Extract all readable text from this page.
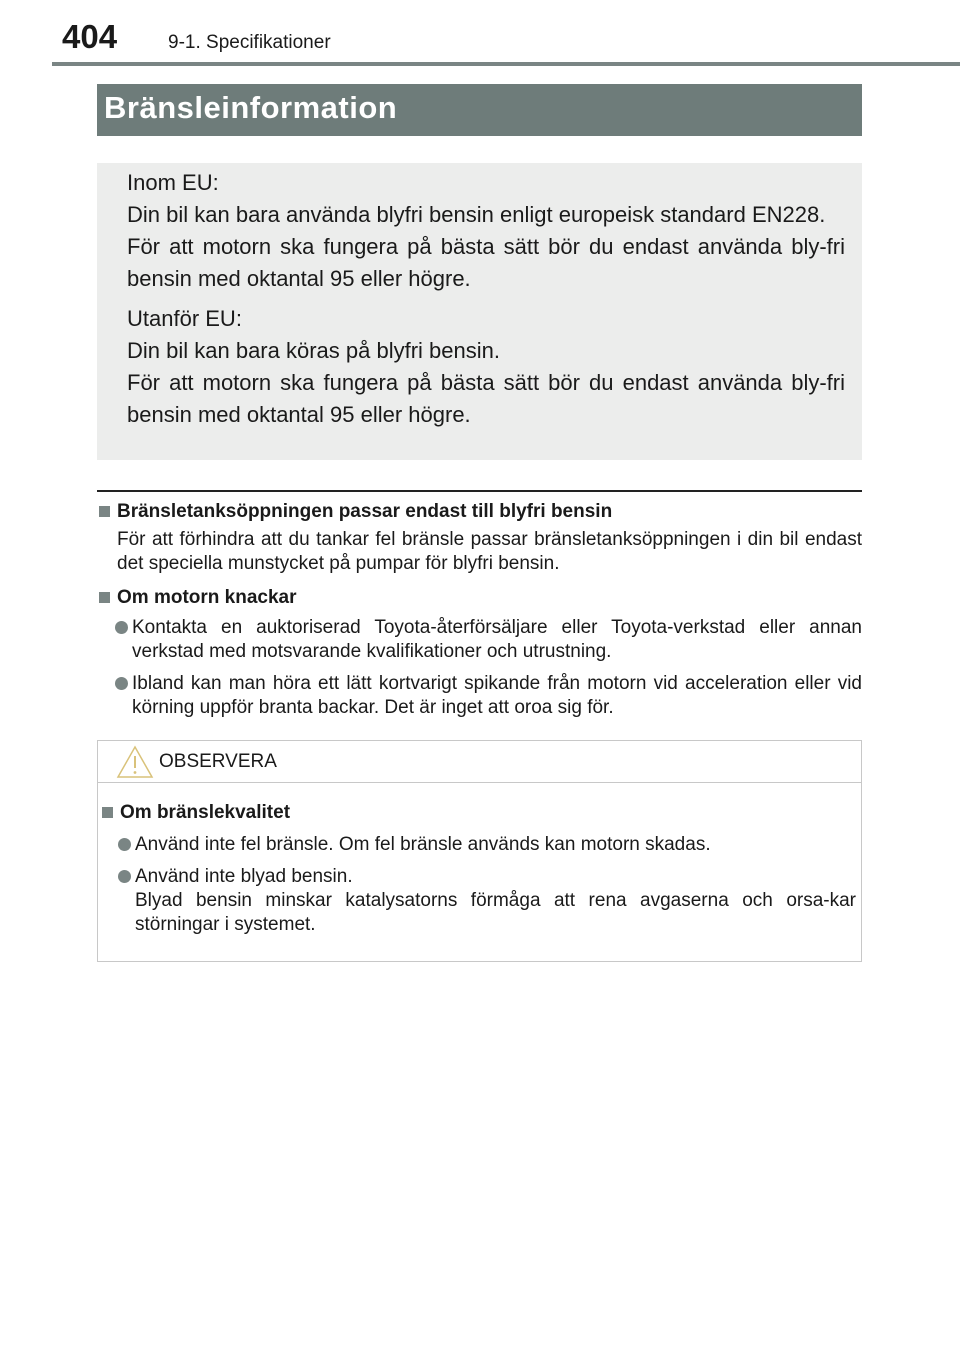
404	9-1. Specifikationer
Bränsleinformation

Inom EU:

Din bil kan bara använda blyfri bensin enligt europeisk standard EN228.

För att motorn ska fungera på bästa sätt bör du endast använda bly-fri bensin med oktantal 95 eller högre.

Utanför EU:

Din bil kan bara köras på blyfri bensin.

För att motorn ska fungera på bästa sätt bör du endast använda bly-fri bensin med oktantal 95 eller högre.

Bränsletanksöppningen passar endast till blyfri bensin
För att förhindra att du tankar fel bränsle passar bränsletanksöppningen i din bil endast det speciella munstycket på pumpar för blyfri bensin.
Om motorn knackar
Kontakta en auktoriserad Toyota-återförsäljare eller Toyota-verkstad eller annan verkstad med motsvarande kvalifikationer och utrustning.
Ibland kan man höra ett lätt kortvarigt spikande från motorn vid acceleration eller vid körning uppför branta backar. Det är inget att oroa sig för.
OBSERVERA
Om bränslekvalitet
Använd inte fel bränsle. Om fel bränsle används kan motorn skadas.
Använd inte blyad bensin.
Blyad bensin minskar katalysatorns förmåga att rena avgaserna och orsa-kar störningar i systemet.
